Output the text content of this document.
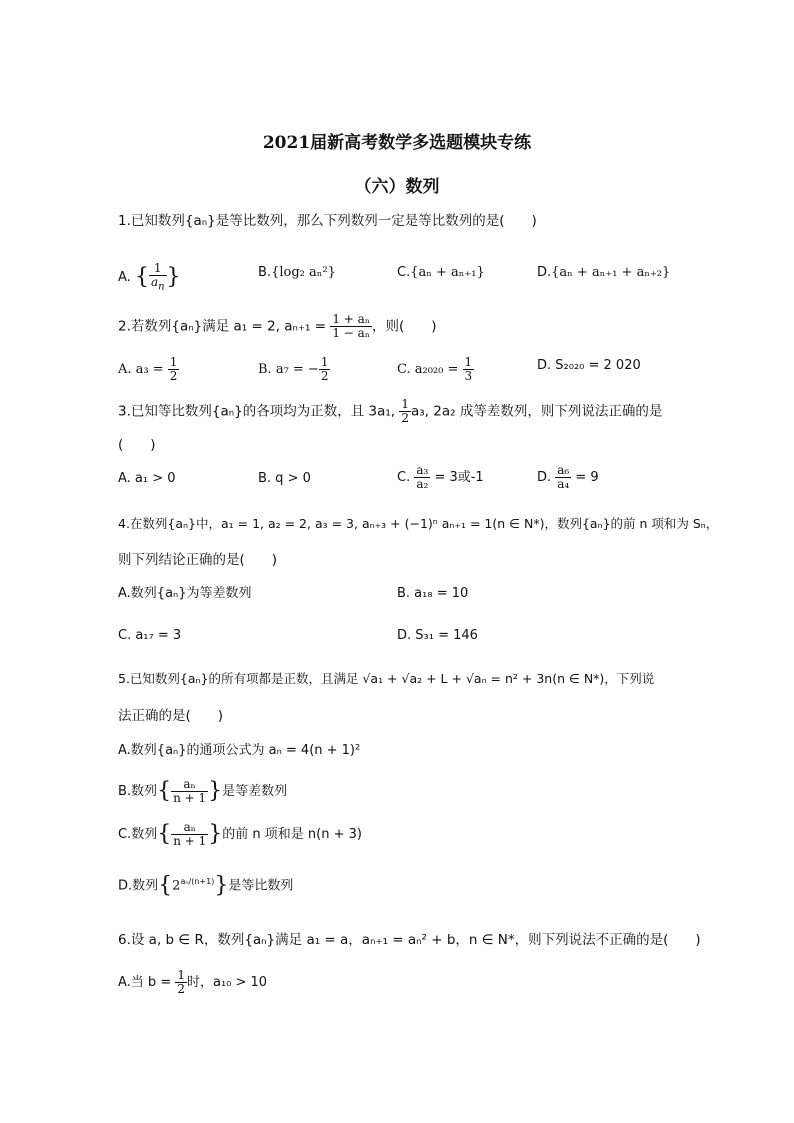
2021届新高考数学多选题模块专练
（六）数列
1.已知数列{aₙ}是等比数列，那么下列数列一定是等比数列的是(　　)
A. { $\frac{1}{a_n}$ }	B.{log₂ aₙ²}	C.{aₙ + aₙ₊₁}	D.{aₙ + aₙ₊₁ + aₙ₊₂}
2.若数列{aₙ}满足 a₁ = 2, $a_{n+1} = \frac{\text{1 + aₙ}}{\text{1 − aₙ}}$ ，则(　　)
A. $a_3 = \frac{1}{2}$	B. a₇ = − $\frac{1}{2}$	C. $a_{2020} = \frac{1}{3}$	D. S₂₀₂₀ = 2 020
3.已知等比数列{aₙ}的各项均为正数，且 3a₁, $\frac{1}{2} a_3$, 2a₂ 成等差数列，则下列说法正确的是
(　　)
A. a₁ > 0	B. q > 0	C. $\frac{\text{a₃}}{\text{a₂}} = 3$或-1	D. $\frac{\text{a₆}}{\text{a₄}} = 9$
4.在数列{aₙ}中，a₁ = 1, a₂ = 2, a₃ = 3, aₙ₊₃ + (−1)ⁿ aₙ₊₁ = 1(n ∈ N*)，数列{aₙ}的前 n 项和为 Sₙ，
则下列结论正确的是(　　)
A.数列{aₙ}为等差数列	B. a₁₈ = 10
C. a₁₇ = 3	D. S₃₁ = 146
5.已知数列{aₙ}的所有项都是正数，且满足 √a₁ + √a₂ + L + √aₙ = n² + 3n(n ∈ N*)，下列说
法正确的是(　　)
A.数列{aₙ}的通项公式为 aₙ = 4(n + 1)²
B.数列{ $\frac{\text{aₙ}}{n + 1}$ }是等差数列
C.数列{ $\frac{\text{aₙ}}{n + 1}$ }的前 n 项和是 n(n + 3)
D.数列$\{2^{a_n/(n+1)}\}$是等比数列
6.设 a, b ∈ R，数列{aₙ}满足 a₁ = a，aₙ₊₁ = aₙ² + b，n ∈ N*，则下列说法不正确的是(　　)
A.当 $b = \frac{1}{2}$ 时，a₁₀ > 10
